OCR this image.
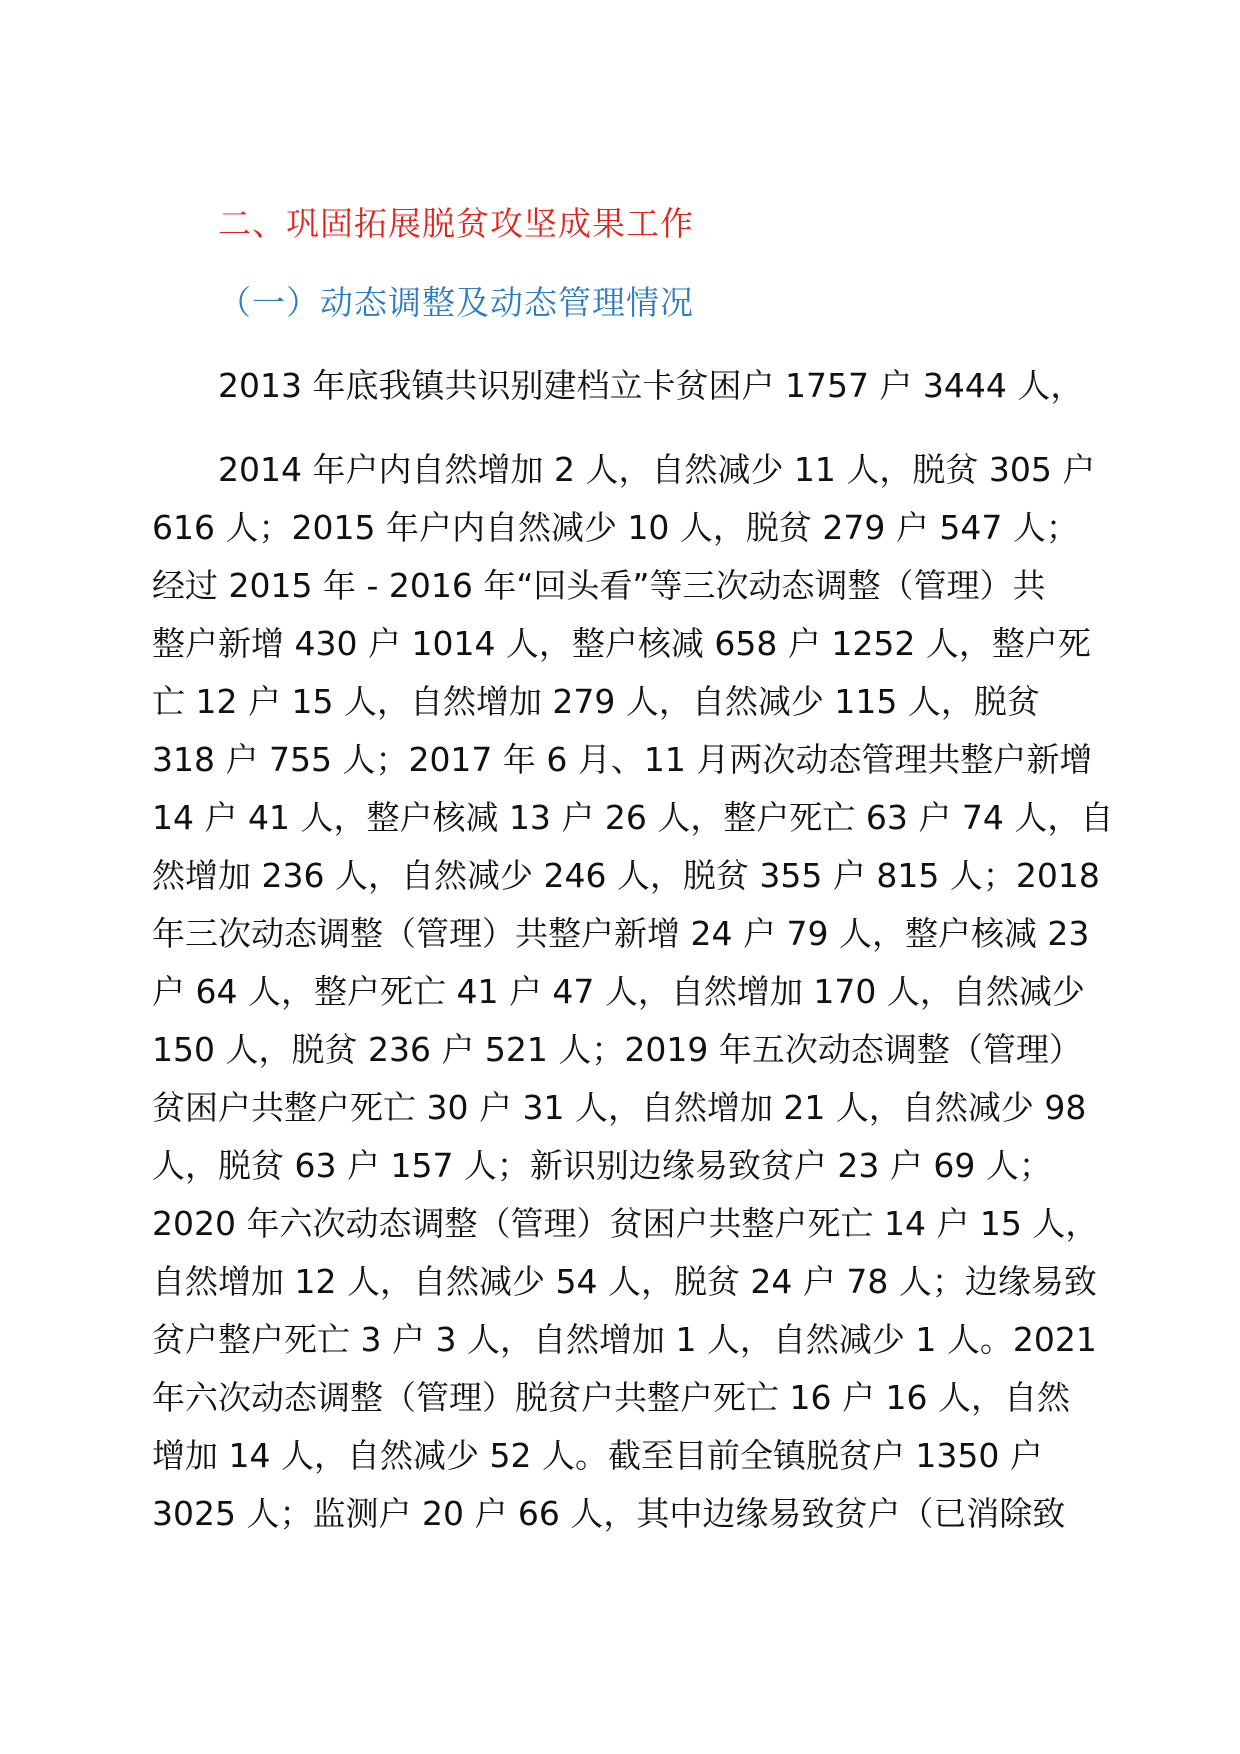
二、巩固拓展脱贫攻坚成果工作
（一）动态调整及动态管理情况

2013 年底我镇共识别建档立卡贫困户 1757 户 3444 人，

　　2014 年户内自然增加 2 人，自然减少 11 人，脱贫 305 户
616 人；2015 年户内自然减少 10 人，脱贫 279 户 547 人；
经过 2015 年 - 2016 年“回头看”等三次动态调整（管理）共
整户新增 430 户 1014 人，整户核减 658 户 1252 人，整户死
亡 12 户 15 人，自然增加 279 人，自然减少 115 人，脱贫
318 户 755 人；2017 年 6 月、11 月两次动态管理共整户新增
14 户 41 人，整户核减 13 户 26 人，整户死亡 63 户 74 人，自
然增加 236 人，自然减少 246 人，脱贫 355 户 815 人；2018
年三次动态调整（管理）共整户新增 24 户 79 人，整户核减 23
户 64 人，整户死亡 41 户 47 人，自然增加 170 人，自然减少
150 人，脱贫 236 户 521 人；2019 年五次动态调整（管理）
贫困户共整户死亡 30 户 31 人，自然增加 21 人，自然减少 98
人，脱贫 63 户 157 人；新识别边缘易致贫户 23 户 69 人；
2020 年六次动态调整（管理）贫困户共整户死亡 14 户 15 人，
自然增加 12 人，自然减少 54 人，脱贫 24 户 78 人；边缘易致
贫户整户死亡 3 户 3 人，自然增加 1 人，自然减少 1 人。2021
年六次动态调整（管理）脱贫户共整户死亡 16 户 16 人，自然
增加 14 人，自然减少 52 人。截至目前全镇脱贫户 1350 户
3025 人；监测户 20 户 66 人，其中边缘易致贫户（已消除致
